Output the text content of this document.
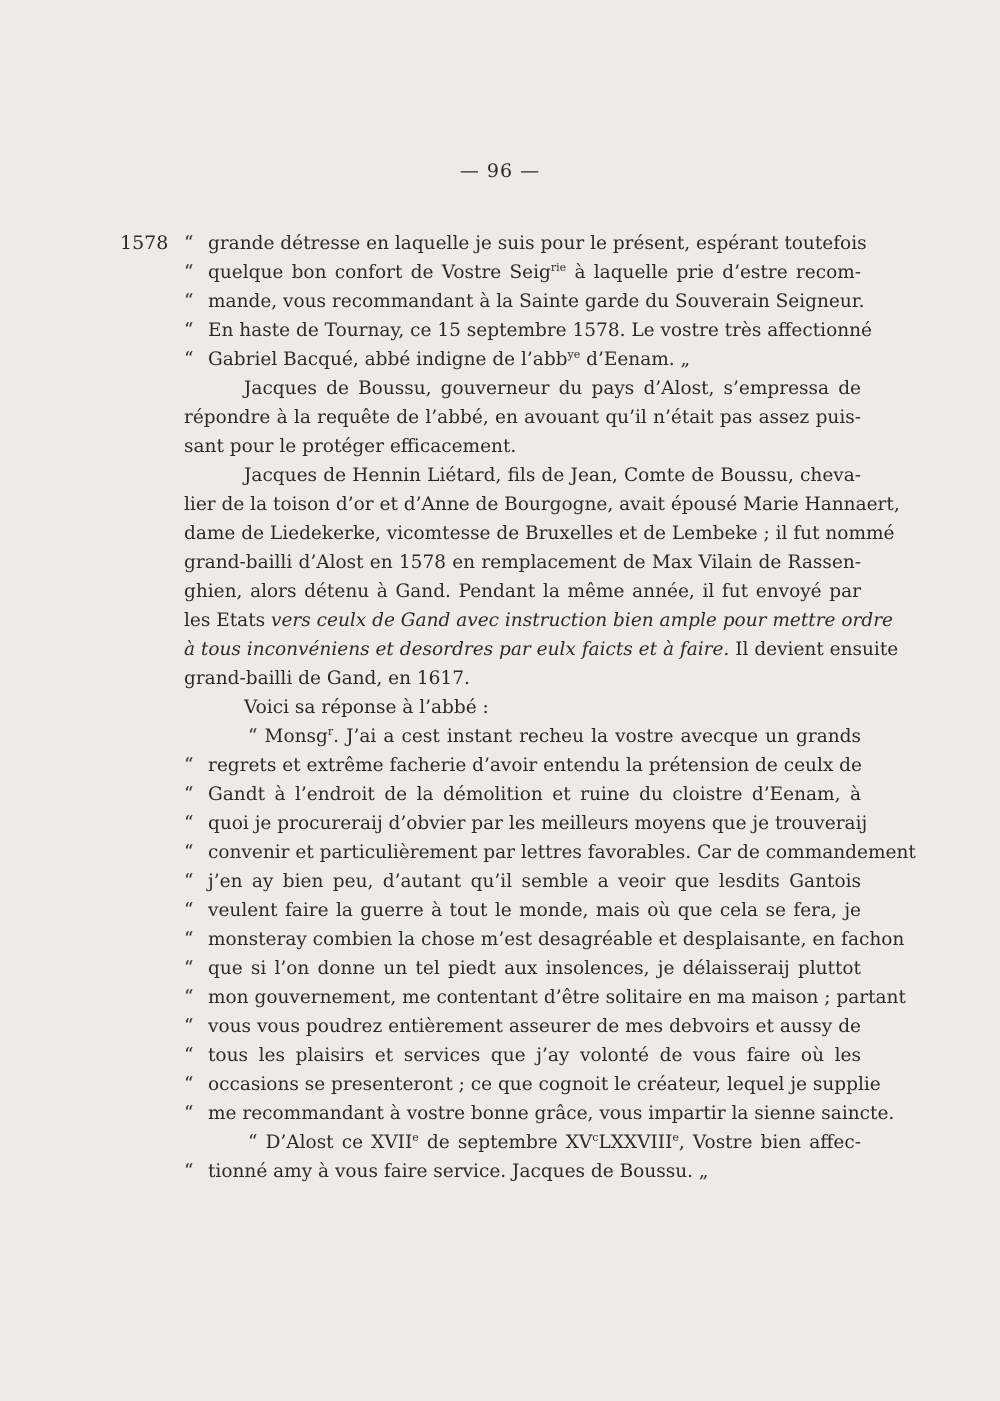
— 96 —
1578 “ grande détresse en laquelle je suis pour le présent, espérant toutefois
“ quelque bon confort de Vostre Seig$^{rie}$ à laquelle prie d’estre recom-
“ mande, vous recommandant à la Sainte garde du Souverain Seigneur.
“ En haste de Tournay, ce 15 septembre 1578. Le vostre très affectionné
“ Gabriel Bacqué, abbé indigne de l’abb$^{ye}$ d’Eenam. „
Jacques de Boussu, gouverneur du pays d’Alost, s’empressa de
répondre à la requête de l’abbé, en avouant qu’il n’était pas assez puis-
sant pour le protéger efficacement.
Jacques de Hennin Liétard, fils de Jean, Comte de Boussu, cheva-
lier de la toison d’or et d’Anne de Bourgogne, avait épousé Marie Hannaert,
dame de Liedekerke, vicomtesse de Bruxelles et de Lembeke ; il fut nommé
grand-bailli d’Alost en 1578 en remplacement de Max Vilain de Rassen-
ghien, alors détenu à Gand. Pendant la même année, il fut envoyé par
les Etats vers ceulx de Gand avec instruction bien ample pour mettre ordre
à tous inconvéniens et desordres par eulx faicts et à faire. Il devient ensuite
grand-bailli de Gand, en 1617.
Voici sa réponse à l’abbé :
“ Monsg$^r$. J’ai a cest instant recheu la vostre avecque un grands
“ regrets et extrême facherie d’avoir entendu la prétension de ceulx de
“ Gandt à l’endroit de la démolition et ruine du cloistre d’Eenam, à
“ quoi je procureraij d’obvier par les meilleurs moyens que je trouveraij
“ convenir et particulièrement par lettres favorables. Car de commandement
“ j’en ay bien peu, d’autant qu’il semble a veoir que lesdits Gantois
“ veulent faire la guerre à tout le monde, mais où que cela se fera, je
“ monsteray combien la chose m’est desagréable et desplaisante, en fachon
“ que si l’on donne un tel piedt aux insolences, je délaisseraij pluttot
“ mon gouvernement, me contentant d’être solitaire en ma maison ; partant
“ vous vous poudrez entièrement asseurer de mes debvoirs et aussy de
“ tous les plaisirs et services que j’ay volonté de vous faire où les
“ occasions se presenteront ; ce que cognoit le créateur, lequel je supplie
“ me recommandant à vostre bonne grâce, vous impartir la sienne saincte.
“ D’Alost ce XVIIe de septembre $XV^cLXXVIIIe$, Vostre bien affec-
“ tionné amy à vous faire service. Jacques de Boussu. „
